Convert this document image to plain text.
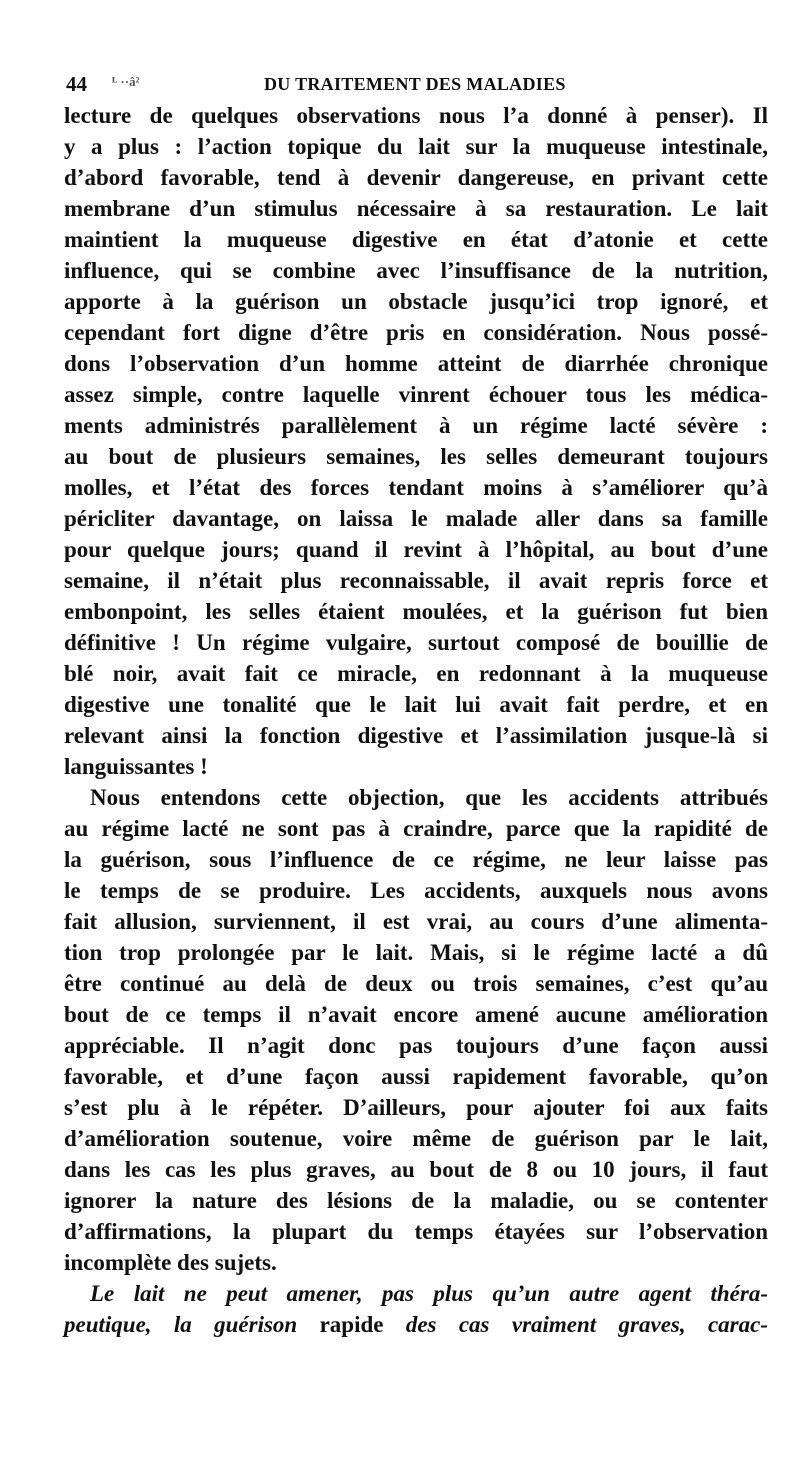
44 ᴸ ··â²	DU TRAITEMENT DES MALADIES
lecture de quelques observations nous l’a donné à penser). Il
y a plus : l’action topique du lait sur la muqueuse intestinale,
d’abord favorable, tend à devenir dangereuse, en privant cette
membrane d’un stimulus nécessaire à sa restauration. Le lait
maintient la muqueuse digestive en état d’atonie et cette
influence, qui se combine avec l’insuffisance de la nutrition,
apporte à la guérison un obstacle jusqu’ici trop ignoré, et
cependant fort digne d’être pris en considération. Nous possé-
dons l’observation d’un homme atteint de diarrhée chronique
assez simple, contre laquelle vinrent échouer tous les médica-
ments administrés parallèlement à un régime lacté sévère :
au bout de plusieurs semaines, les selles demeurant toujours
molles, et l’état des forces tendant moins à s’améliorer qu’à
péricliter davantage, on laissa le malade aller dans sa famille
pour quelque jours; quand il revint à l’hôpital, au bout d’une
semaine, il n’était plus reconnaissable, il avait repris force et
embonpoint, les selles étaient moulées, et la guérison fut bien
définitive ! Un régime vulgaire, surtout composé de bouillie de
blé noir, avait fait ce miracle, en redonnant à la muqueuse
digestive une tonalité que le lait lui avait fait perdre, et en
relevant ainsi la fonction digestive et l’assimilation jusque-là si
languissantes !
Nous entendons cette objection, que les accidents attribués
au régime lacté ne sont pas à craindre, parce que la rapidité de
la guérison, sous l’influence de ce régime, ne leur laisse pas
le temps de se produire. Les accidents, auxquels nous avons
fait allusion, surviennent, il est vrai, au cours d’une alimenta-
tion trop prolongée par le lait. Mais, si le régime lacté a dû
être continué au delà de deux ou trois semaines, c’est qu’au
bout de ce temps il n’avait encore amené aucune amélioration
appréciable. Il n’agit donc pas toujours d’une façon aussi
favorable, et d’une façon aussi rapidement favorable, qu’on
s’est plu à le répéter. D’ailleurs, pour ajouter foi aux faits
d’amélioration soutenue, voire même de guérison par le lait,
dans les cas les plus graves, au bout de 8 ou 10 jours, il faut
ignorer la nature des lésions de la maladie, ou se contenter
d’affirmations, la plupart du temps étayées sur l’observation
incomplète des sujets.
Le lait ne peut amener, pas plus qu’un autre agent théra-
peutique, la guérison rapide des cas vraiment graves, carac-
